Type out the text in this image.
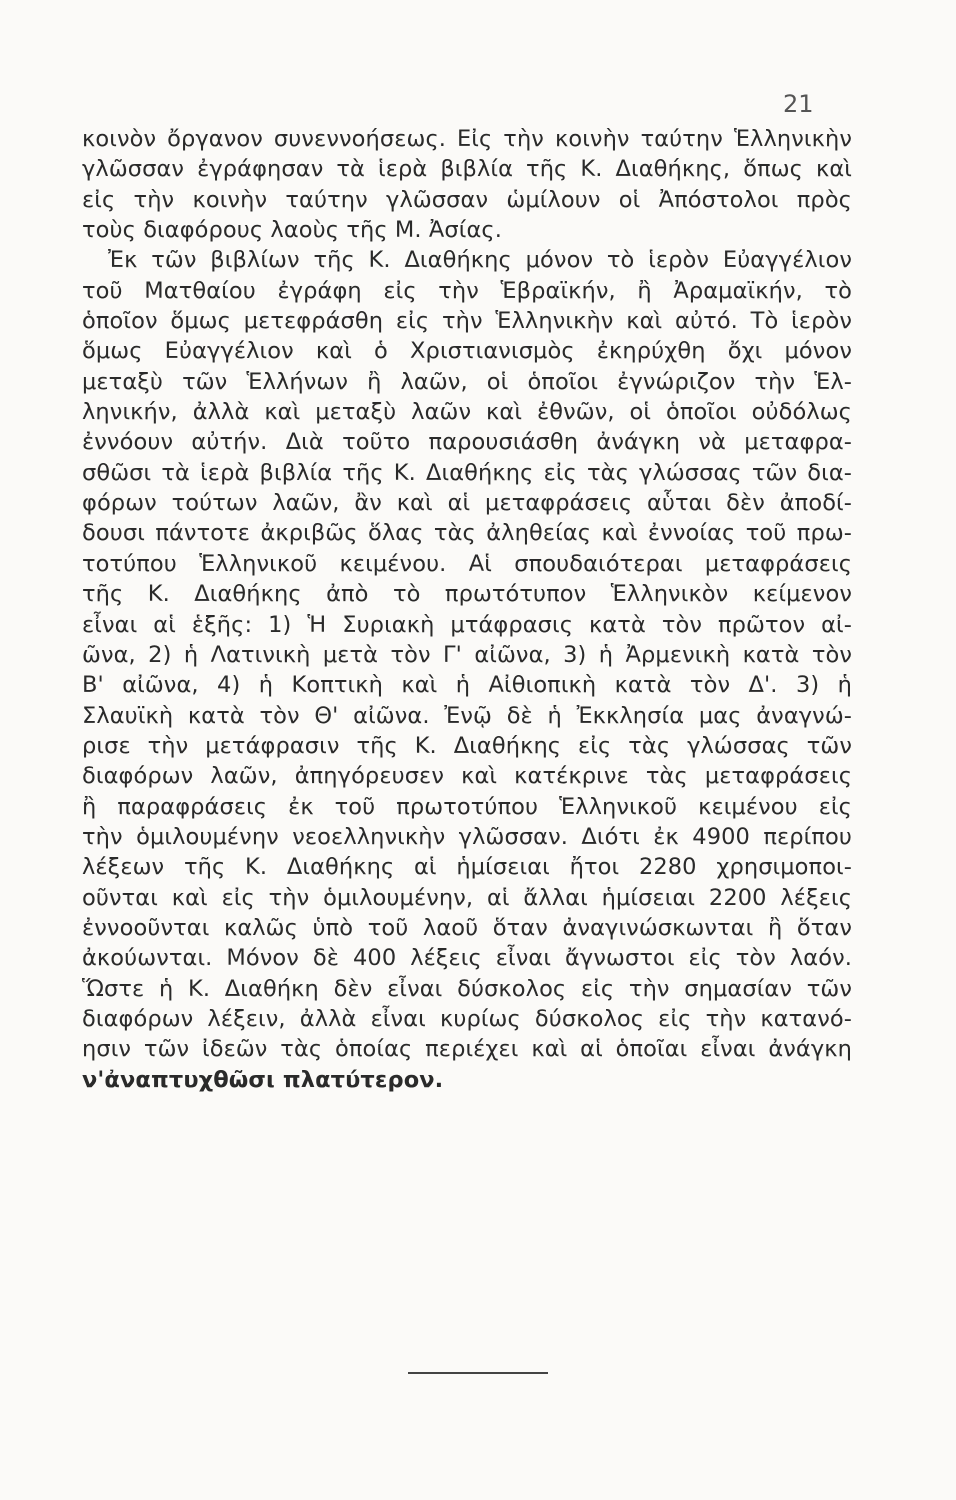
21
κοινὸν ὄργανον συνεννοήσεως. Εἰς τὴν κοινὴν ταύτην Ἑλληνικὴν
γλῶσσαν ἐγράφησαν τὰ ἱερὰ βιβλία τῆς Κ. Διαθήκης, ὅπως καὶ
εἰς τὴν κοινὴν ταύτην γλῶσσαν ὡμίλουν οἱ Ἀπόστολοι πρὸς
τοὺς διαφόρους λαοὺς τῆς Μ. Ἀσίας.
Ἐκ τῶν βιβλίων τῆς Κ. Διαθήκης μόνον τὸ ἱερὸν Εὐαγγέλιον
τοῦ Ματθαίου ἐγράφη εἰς τὴν Ἑβραϊκήν, ἢ Ἀραμαϊκήν, τὸ
ὁποῖον ὅμως μετεφράσθη εἰς τὴν Ἑλληνικὴν καὶ αὐτό. Τὸ ἱερὸν
ὅμως Εὐαγγέλιον καὶ ὁ Χριστιανισμὸς ἐκηρύχθη ὄχι μόνον
μεταξὺ τῶν Ἑλλήνων ἢ λαῶν, οἱ ὁποῖοι ἐγνώριζον τὴν Ἑλ-
ληνικήν, ἀλλὰ καὶ μεταξὺ λαῶν καὶ ἐθνῶν, οἱ ὁποῖοι οὐδόλως
ἐννόουν αὐτήν. Διὰ τοῦτο παρουσιάσθη ἀνάγκη νὰ μεταφρα-
σθῶσι τὰ ἱερὰ βιβλία τῆς Κ. Διαθήκης εἰς τὰς γλώσσας τῶν δια-
φόρων τούτων λαῶν, ἂν καὶ αἱ μεταφράσεις αὗται δὲν ἀποδί-
δουσι πάντοτε ἀκριβῶς ὅλας τὰς ἀληθείας καὶ ἐννοίας τοῦ πρω-
τοτύπου Ἑλληνικοῦ κειμένου. Αἱ σπουδαιότεραι μεταφράσεις
τῆς Κ. Διαθήκης ἀπὸ τὸ πρωτότυπον Ἑλληνικὸν κείμενον
εἶναι αἱ ἑξῆς: 1) Ἡ Συριακὴ μτάφρασις κατὰ τὸν πρῶτον αἰ-
ῶνα, 2) ἡ Λατινικὴ μετὰ τὸν Γ' αἰῶνα, 3) ἡ Ἀρμενικὴ κατὰ τὸν
Β' αἰῶνα, 4) ἡ Κοπτικὴ καὶ ἡ Αἰθιοπικὴ κατὰ τὸν Δ'. 3) ἡ
Σλαυϊκὴ κατὰ τὸν Θ' αἰῶνα. Ἐνῷ δὲ ἡ Ἐκκλησία μας ἀναγνώ-
ρισε τὴν μετάφρασιν τῆς Κ. Διαθήκης εἰς τὰς γλώσσας τῶν
διαφόρων λαῶν, ἀπηγόρευσεν καὶ κατέκρινε τὰς μεταφράσεις
ἢ παραφράσεις ἐκ τοῦ πρωτοτύπου Ἑλληνικοῦ κειμένου εἰς
τὴν ὁμιλουμένην νεοελληνικὴν γλῶσσαν. Διότι ἐκ 4900 περίπου
λέξεων τῆς Κ. Διαθήκης αἱ ἡμίσειαι ἤτοι 2280 χρησιμοποι-
οῦνται καὶ εἰς τὴν ὁμιλουμένην, αἱ ἄλλαι ἡμίσειαι 2200 λέξεις
ἐννοοῦνται καλῶς ὑπὸ τοῦ λαοῦ ὅταν ἀναγινώσκωνται ἢ ὅταν
ἀκούωνται. Μόνον δὲ 400 λέξεις εἶναι ἄγνωστοι εἰς τὸν λαόν.
Ὥστε ἡ Κ. Διαθήκη δὲν εἶναι δύσκολος εἰς τὴν σημασίαν τῶν
διαφόρων λέξειν, ἀλλὰ εἶναι κυρίως δύσκολος εἰς τὴν κατανό-
ησιν τῶν ἰδεῶν τὰς ὁποίας περιέχει καὶ αἱ ὁποῖαι εἶναι ἀνάγκη
ν'ἀναπτυχθῶσι πλατύτερον.
